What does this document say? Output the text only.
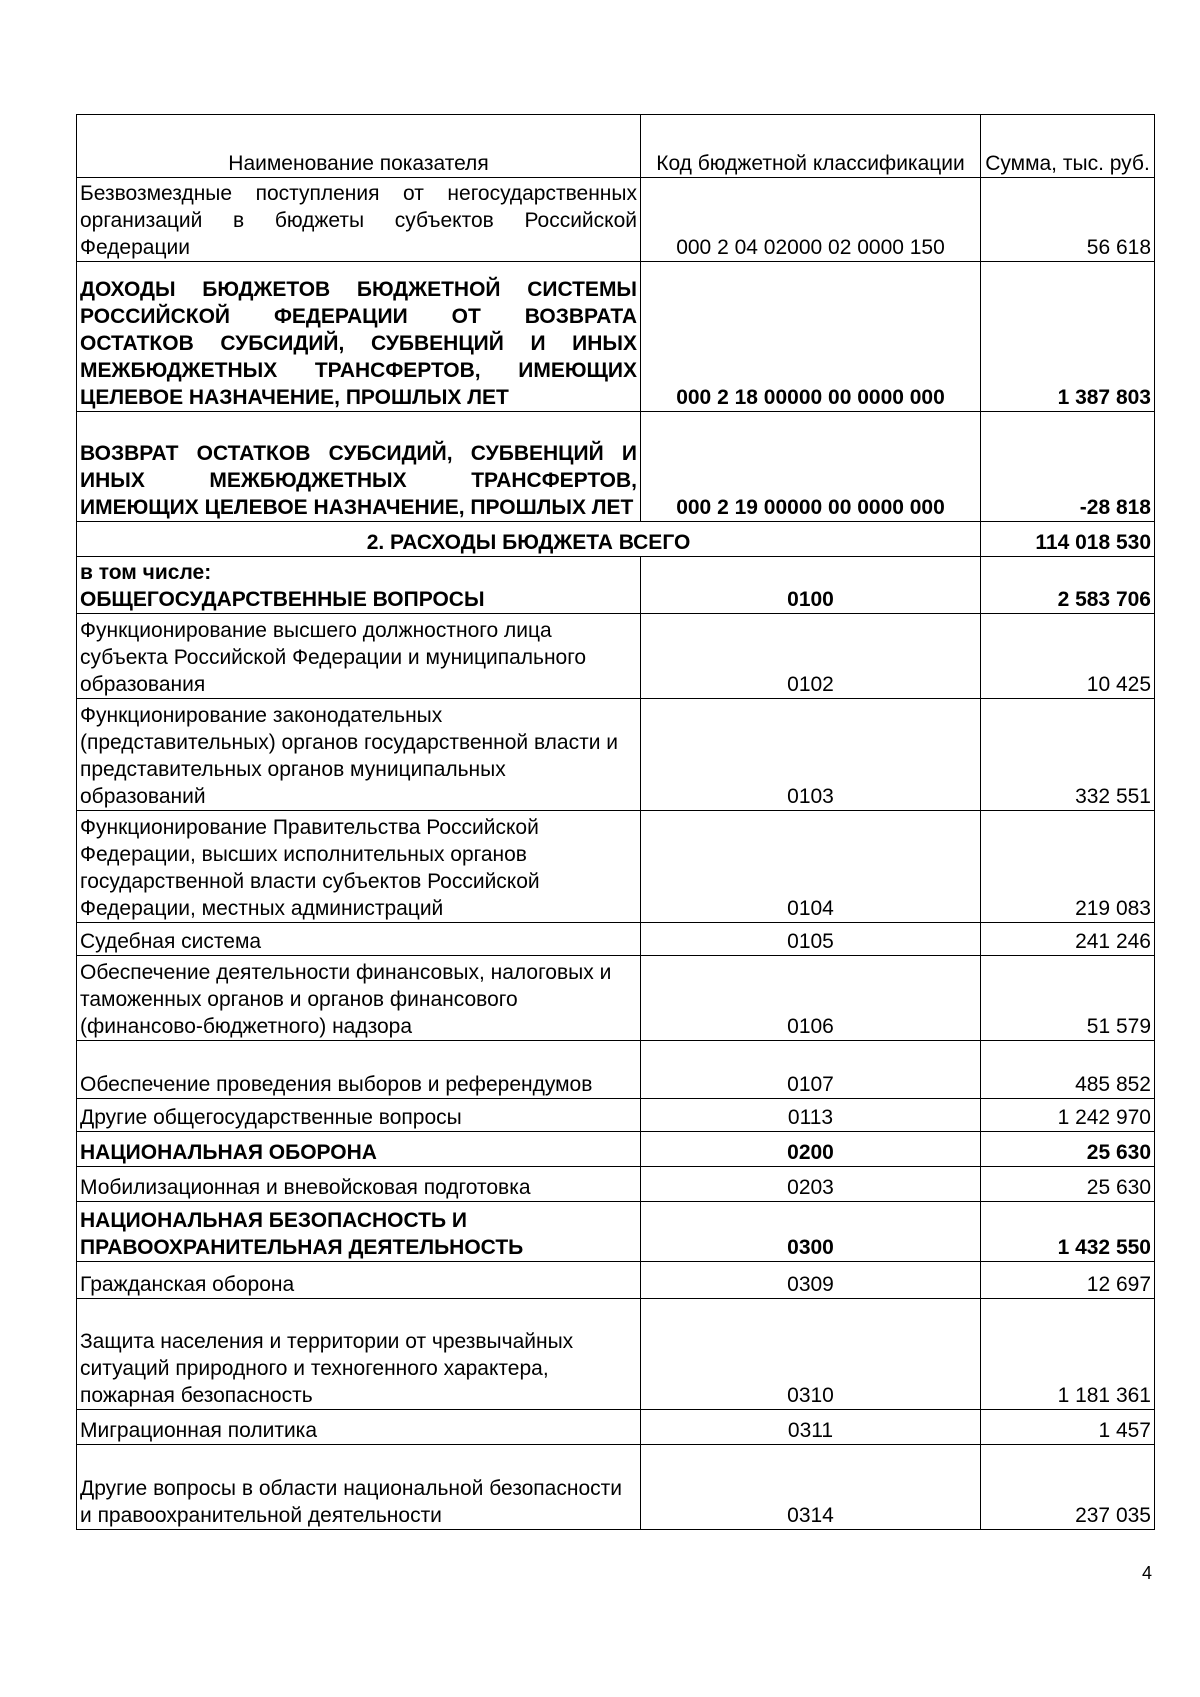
Наименование показателя	Код бюджетной классификации	Сумма, тыс. руб.
Безвозмездные поступления от негосударственных организаций в бюджеты субъектов Российской Федерации	000 2 04 02000 02 0000 150	56 618
ДОХОДЫ БЮДЖЕТОВ БЮДЖЕТНОЙ СИСТЕМЫ РОССИЙСКОЙ ФЕДЕРАЦИИ ОТ ВОЗВРАТА ОСТАТКОВ СУБСИДИЙ, СУБВЕНЦИЙ И ИНЫХ МЕЖБЮДЖЕТНЫХ ТРАНСФЕРТОВ, ИМЕЮЩИХ ЦЕЛЕВОЕ НАЗНАЧЕНИЕ, ПРОШЛЫХ ЛЕТ	000 2 18 00000 00 0000 000	1 387 803
ВОЗВРАТ ОСТАТКОВ СУБСИДИЙ, СУБВЕНЦИЙ И ИНЫХ МЕЖБЮДЖЕТНЫХ ТРАНСФЕРТОВ, ИМЕЮЩИХ ЦЕЛЕВОЕ НАЗНАЧЕНИЕ, ПРОШЛЫХ ЛЕТ	000 2 19 00000 00 0000 000	-28 818
2. РАСХОДЫ БЮДЖЕТА ВСЕГО		114 018 530

в том числе:
ОБЩЕГОСУДАРСТВЕННЫЕ ВОПРОСЫ	0100	2 583 706
Функционирование высшего должностного лица субъекта Российской Федерации и муниципального образования	0102	10 425
Функционирование законодательных (представительных) органов государственной власти и представительных органов муниципальных образований	0103	332 551
Функционирование Правительства Российской Федерации, высших исполнительных органов государственной власти субъектов Российской Федерации, местных администраций	0104	219 083
Судебная система	0105	241 246
Обеспечение деятельности финансовых, налоговых и таможенных органов и органов финансового (финансово-бюджетного) надзора	0106	51 579
Обеспечение проведения выборов и референдумов	0107	485 852
Другие общегосударственные вопросы	0113	1 242 970
НАЦИОНАЛЬНАЯ ОБОРОНА	0200	25 630
Мобилизационная и вневойсковая подготовка	0203	25 630
НАЦИОНАЛЬНАЯ БЕЗОПАСНОСТЬ И ПРАВООХРАНИТЕЛЬНАЯ ДЕЯТЕЛЬНОСТЬ	0300	1 432 550
Гражданская оборона	0309	12 697
Защита населения и территории от чрезвычайных ситуаций природного и техногенного характера, пожарная безопасность	0310	1 181 361
Миграционная политика	0311	1 457
Другие вопросы в области национальной безопасности и правоохранительной деятельности	0314	237 035
4
